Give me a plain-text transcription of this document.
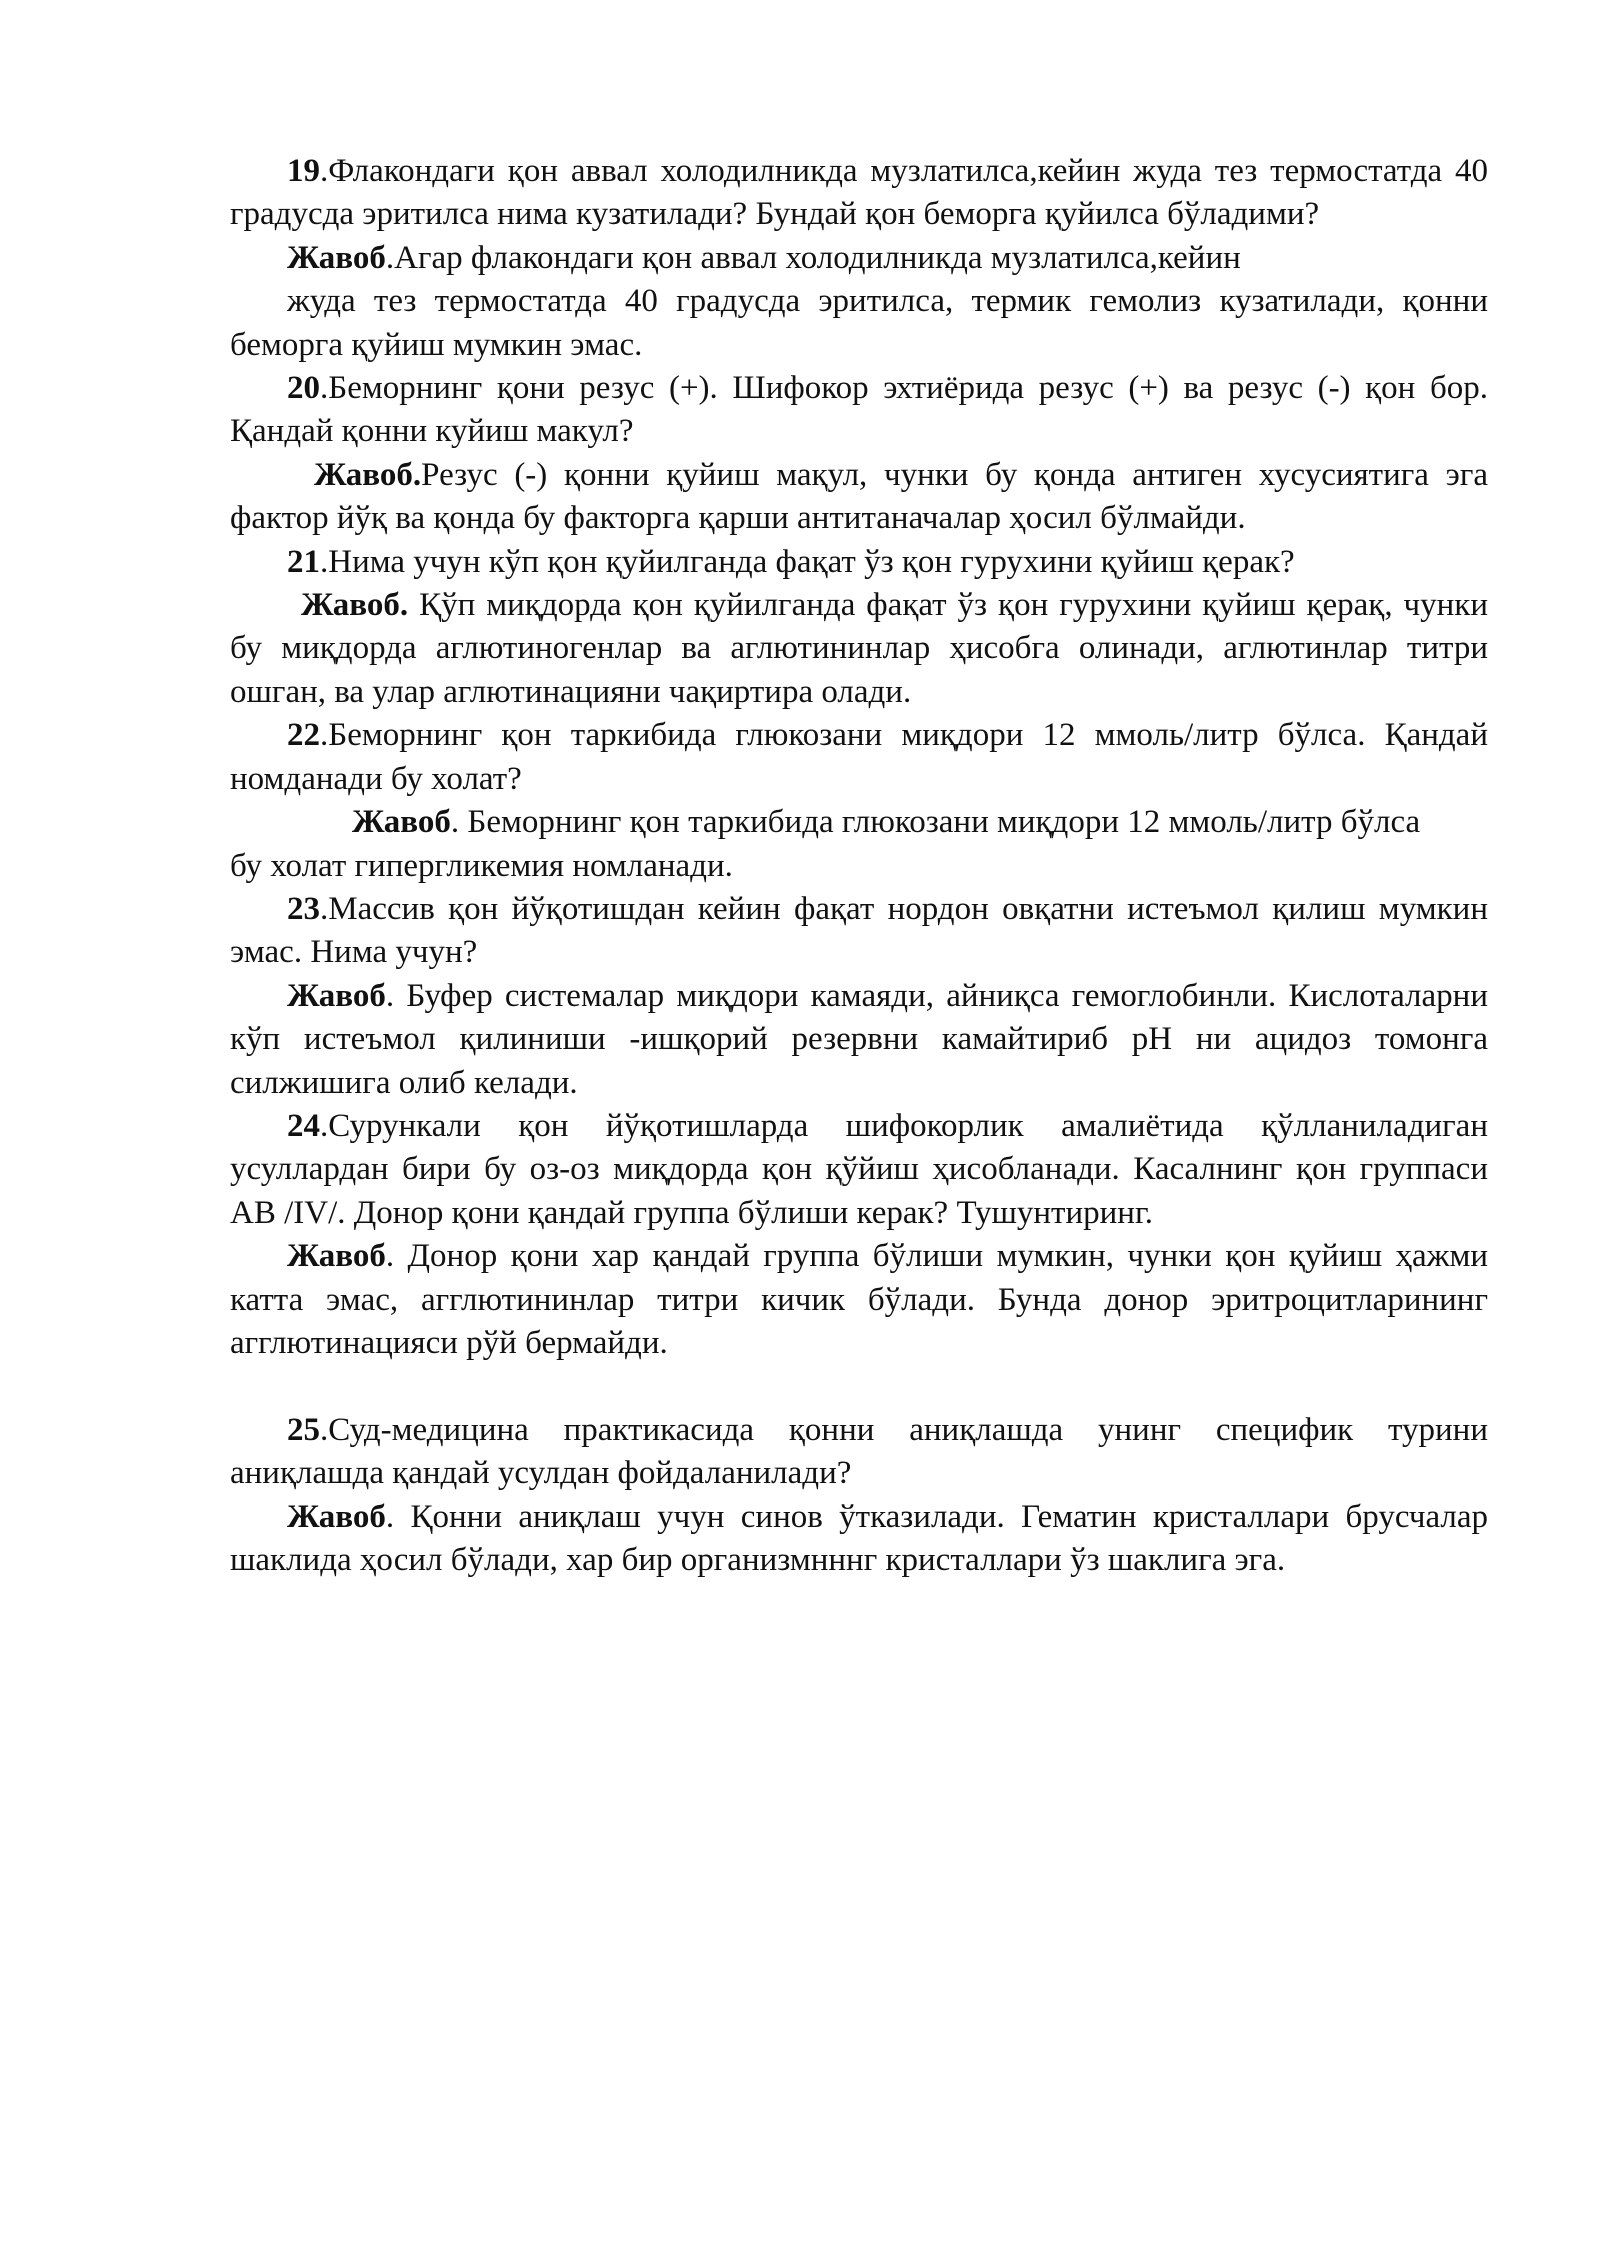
19.Флакондаги қон аввал холодилникда музлатилса,кейин жуда тез термостатда 40 градусда эритилса нима кузатилади? Бундай қон беморга қуйилса бўладими?

Жавоб.Агар флакондаги қон аввал холодилникда музлатилса,кейин

жуда тез термостатда 40 градусда эритилса, термик гемолиз кузатилади, қонни беморга қуйиш мумкин эмас.

20.Беморнинг қони резус (+). Шифокор эхтиёрида резус (+) ва резус (-) қон бор. Қандай қонни куйиш макул?

Жавоб.Резус (-) қонни қуйиш мақул, чунки бу қонда антиген хусусиятига эга фактор йўқ ва қонда бу факторга қарши антитаначалар ҳосил бўлмайди.

21.Нима учун кўп қон қуйилганда фақат ўз қон гурухини қуйиш қерак?

Жавоб. Қўп миқдорда қон қуйилганда фақат ўз қон гурухини қуйиш қерақ, чунки бу миқдорда аглютиногенлар ва аглютининлар ҳисобга олинади, аглютинлар титри ошган, ва улар аглютинацияни чақиртира олади.

22.Беморнинг қон таркибида глюкозани миқдори 12 ммоль/литр бўлса. Қандай номданади бу холат?

Жавоб. Беморнинг қон таркибида глюкозани миқдори 12 ммоль/литр бўлса

бу холат гипергликемия номланади.

23.Массив қон йўқотишдан кейин фақат нордон овқатни истеъмол қилиш мумкин эмас. Нима учун?

Жавоб. Буфер системалар миқдори камаяди, айниқса гемоглобинли. Кислоталарни кўп истеъмол қилиниши -ишқорий резервни камайтириб pH ни ацидоз томонга силжишига олиб келади.

24.Сурункали қон йўқотишларда шифокорлик амалиётида қўлланиладиган усуллардан бири бу оз-оз миқдорда қон қўйиш ҳисобланади. Касалнинг қон группаси АВ /IV/. Донор қони қандай группа бўлиши керак? Тушунтиринг.

Жавоб. Донор қони хар қандай группа бўлиши мумкин, чунки қон қуйиш ҳажми катта эмас, агглютининлар титри кичик бўлади. Бунда донор эритроцитларининг агглютинацияси рўй бермайди.

25.Суд-медицина практикасида қонни аниқлашда унинг специфик турини аниқлашда қандай усулдан фойдаланилади?

Жавоб. Қонни аниқлаш учун синов ўтказилади. Гематин кристаллари брусчалар шаклида ҳосил бўлади, хар бир организмнннг кристаллари ўз шаклига эга.
